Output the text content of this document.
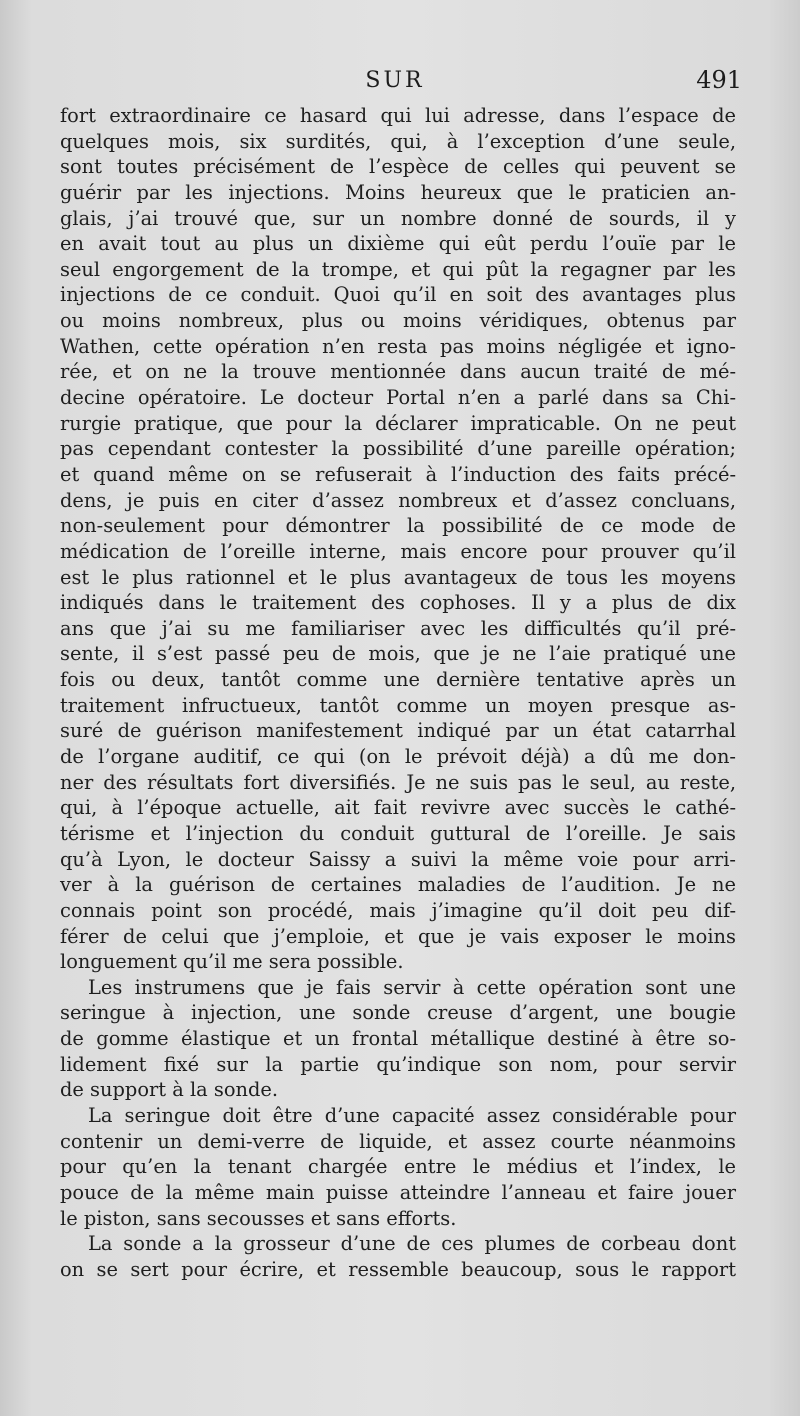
SUR	491
fort extraordinaire ce hasard qui lui adresse, dans l’espace de
quelques mois, six surdités, qui, à l’exception d’une seule,
sont toutes précisément de l’espèce de celles qui peuvent se
guérir par les injections. Moins heureux que le praticien an-
glais, j’ai trouvé que, sur un nombre donné de sourds, il y
en avait tout au plus un dixième qui eût perdu l’ouïe par le
seul engorgement de la trompe, et qui pût la regagner par les
injections de ce conduit. Quoi qu’il en soit des avantages plus
ou moins nombreux, plus ou moins véridiques, obtenus par
Wathen, cette opération n’en resta pas moins négligée et igno-
rée, et on ne la trouve mentionnée dans aucun traité de mé-
decine opératoire. Le docteur Portal n’en a parlé dans sa Chi-
rurgie pratique, que pour la déclarer impraticable. On ne peut
pas cependant contester la possibilité d’une pareille opération;
et quand même on se refuserait à l’induction des faits précé-
dens, je puis en citer d’assez nombreux et d’assez concluans,
non-seulement pour démontrer la possibilité de ce mode de
médication de l’oreille interne, mais encore pour prouver qu’il
est le plus rationnel et le plus avantageux de tous les moyens
indiqués dans le traitement des cophoses. Il y a plus de dix
ans que j’ai su me familiariser avec les difficultés qu’il pré-
sente, il s’est passé peu de mois, que je ne l’aie pratiqué une
fois ou deux, tantôt comme une dernière tentative après un
traitement infructueux, tantôt comme un moyen presque as-
suré de guérison manifestement indiqué par un état catarrhal
de l’organe auditif, ce qui (on le prévoit déjà) a dû me don-
ner des résultats fort diversifiés. Je ne suis pas le seul, au reste,
qui, à l’époque actuelle, ait fait revivre avec succès le cathé-
térisme et l’injection du conduit guttural de l’oreille. Je sais
qu’à Lyon, le docteur Saissy a suivi la même voie pour arri-
ver à la guérison de certaines maladies de l’audition. Je ne
connais point son procédé, mais j’imagine qu’il doit peu dif-
férer de celui que j’emploie, et que je vais exposer le moins
longuement qu’il me sera possible.
Les instrumens que je fais servir à cette opération sont une
seringue à injection, une sonde creuse d’argent, une bougie
de gomme élastique et un frontal métallique destiné à être so-
lidement fixé sur la partie qu’indique son nom, pour servir
de support à la sonde.
La seringue doit être d’une capacité assez considérable pour
contenir un demi-verre de liquide, et assez courte néanmoins
pour qu’en la tenant chargée entre le médius et l’index, le
pouce de la même main puisse atteindre l’anneau et faire jouer
le piston, sans secousses et sans efforts.
La sonde a la grosseur d’une de ces plumes de corbeau dont
on se sert pour écrire, et ressemble beaucoup, sous le rapport
